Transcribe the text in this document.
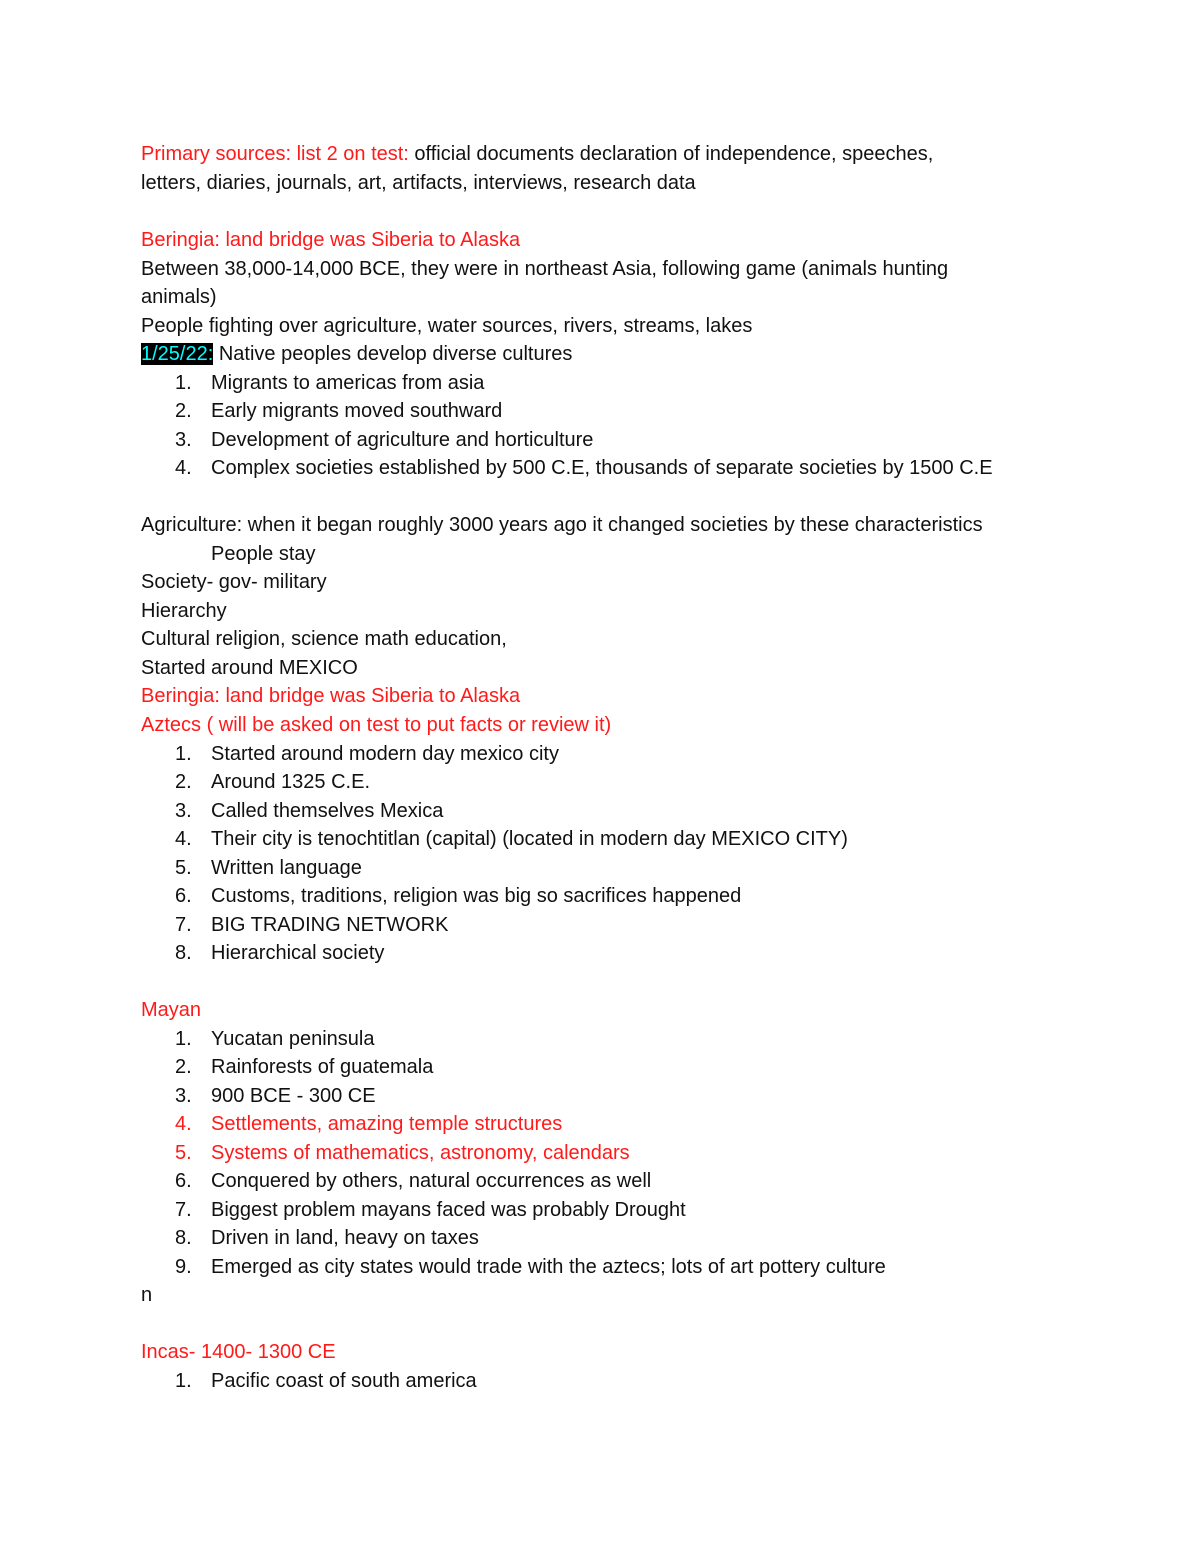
Primary sources: list 2 on test: official documents declaration of independence, speeches,
letters, diaries, journals, art, artifacts, interviews, research data
Beringia: land bridge was Siberia to Alaska
Between 38,000-14,000 BCE, they were in northeast Asia, following game (animals hunting
animals)
People fighting over agriculture, water sources, rivers, streams, lakes
1/25/22: Native peoples develop diverse cultures
1. Migrants to americas from asia
2. Early migrants moved southward
3. Development of agriculture and horticulture
4. Complex societies established by 500 C.E, thousands of separate societies by 1500 C.E
Agriculture: when it began roughly 3000 years ago it changed societies by these characteristics
People stay
Society- gov- military
Hierarchy
Cultural religion, science math education,
Started around MEXICO
Beringia: land bridge was Siberia to Alaska
Aztecs ( will be asked on test to put facts or review it)
1. Started around modern day mexico city
2. Around 1325 C.E.
3. Called themselves Mexica
4. Their city is tenochtitlan (capital) (located in modern day MEXICO CITY)
5. Written language
6. Customs, traditions, religion was big so sacrifices happened
7. BIG TRADING NETWORK
8. Hierarchical society
Mayan
1. Yucatan peninsula
2. Rainforests of guatemala
3. 900 BCE - 300 CE
4. Settlements, amazing temple structures
5. Systems of mathematics, astronomy, calendars
6. Conquered by others, natural occurrences as well
7. Biggest problem mayans faced was probably Drought
8. Driven in land, heavy on taxes
9. Emerged as city states would trade with the aztecs; lots of art pottery culture
n
Incas- 1400- 1300 CE
1. Pacific coast of south america
